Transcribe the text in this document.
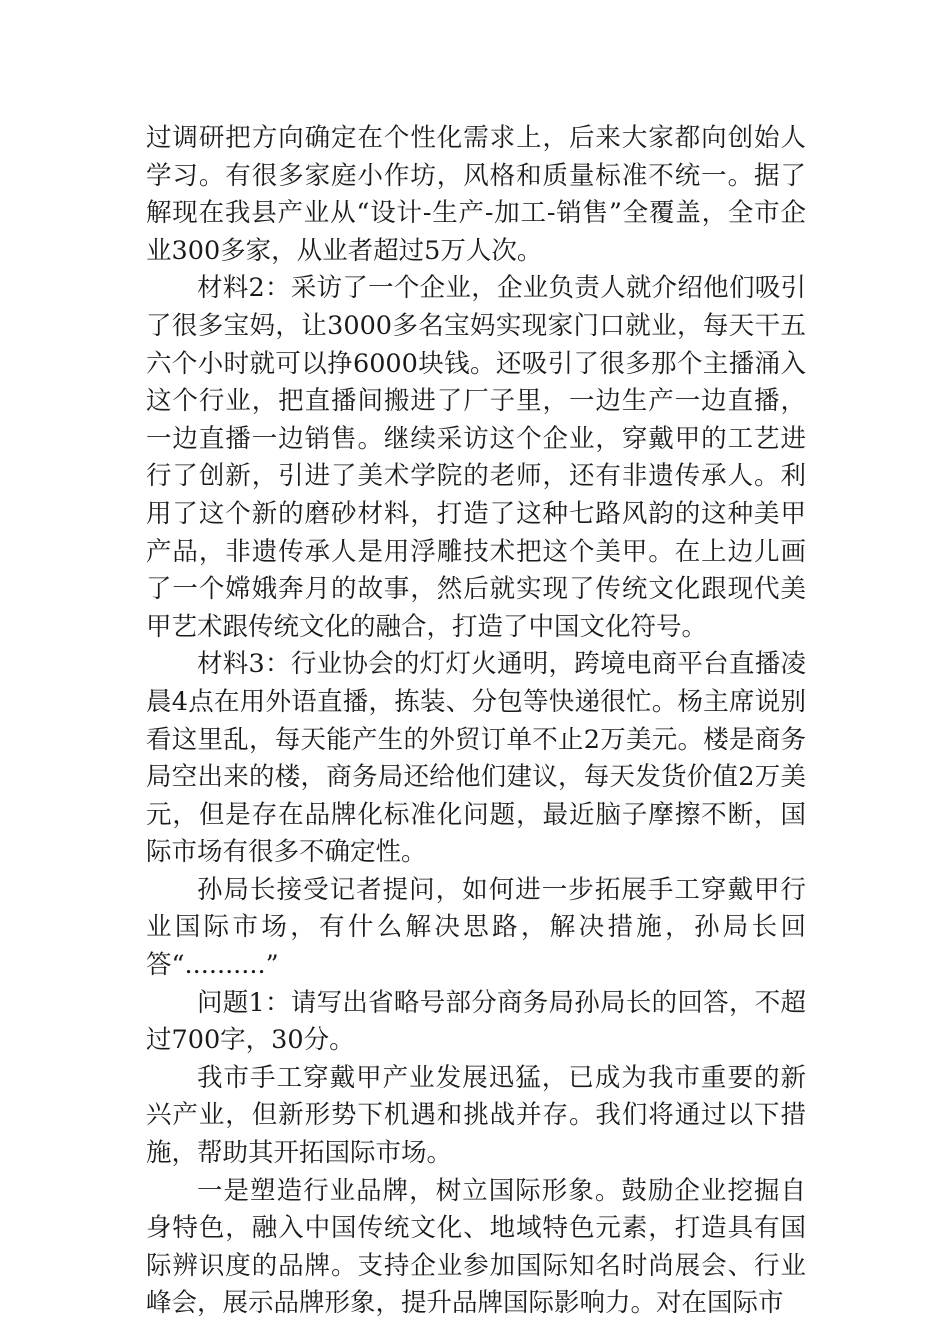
过调研把方向确定在个性化需求上，后来大家都向创始人学习。有很多家庭小作坊，风格和质量标准不统一。据了解现在我县产业从“设计-生产-加工-销售”全覆盖，全市企业300多家，从业者超过5万人次。

材料2：采访了一个企业，企业负责人就介绍他们吸引了很多宝妈，让3000多名宝妈实现家门口就业，每天干五六个小时就可以挣6000块钱。还吸引了很多那个主播涌入这个行业，把直播间搬进了厂子里，一边生产一边直播，一边直播一边销售。继续采访这个企业，穿戴甲的工艺进行了创新，引进了美术学院的老师，还有非遗传承人。利用了这个新的磨砂材料，打造了这种七路风韵的这种美甲产品，非遗传承人是用浮雕技术把这个美甲。在上边儿画了一个嫦娥奔月的故事，然后就实现了传统文化跟现代美甲艺术跟传统文化的融合，打造了中国文化符号。

材料3：行业协会的灯灯火通明，跨境电商平台直播凌晨4点在用外语直播，拣装、分包等快递很忙。杨主席说别看这里乱，每天能产生的外贸订单不止2万美元。楼是商务局空出来的楼，商务局还给他们建议，每天发货价值2万美元，但是存在品牌化标准化问题，最近脑子摩擦不断，国际市场有很多不确定性。

孙局长接受记者提问，如何进一步拓展手工穿戴甲行业国际市场，有什么解决思路，解决措施，孙局长回答“..........”

问题1：请写出省略号部分商务局孙局长的回答，不超过700字，30分。

我市手工穿戴甲产业发展迅猛，已成为我市重要的新兴产业，但新形势下机遇和挑战并存。我们将通过以下措施，帮助其开拓国际市场。

一是塑造行业品牌，树立国际形象。鼓励企业挖掘自身特色，融入中国传统文化、地域特色元素，打造具有国际辨识度的品牌。支持企业参加国际知名时尚展会、行业峰会，展示品牌形象，提升品牌国际影响力。对在国际市
